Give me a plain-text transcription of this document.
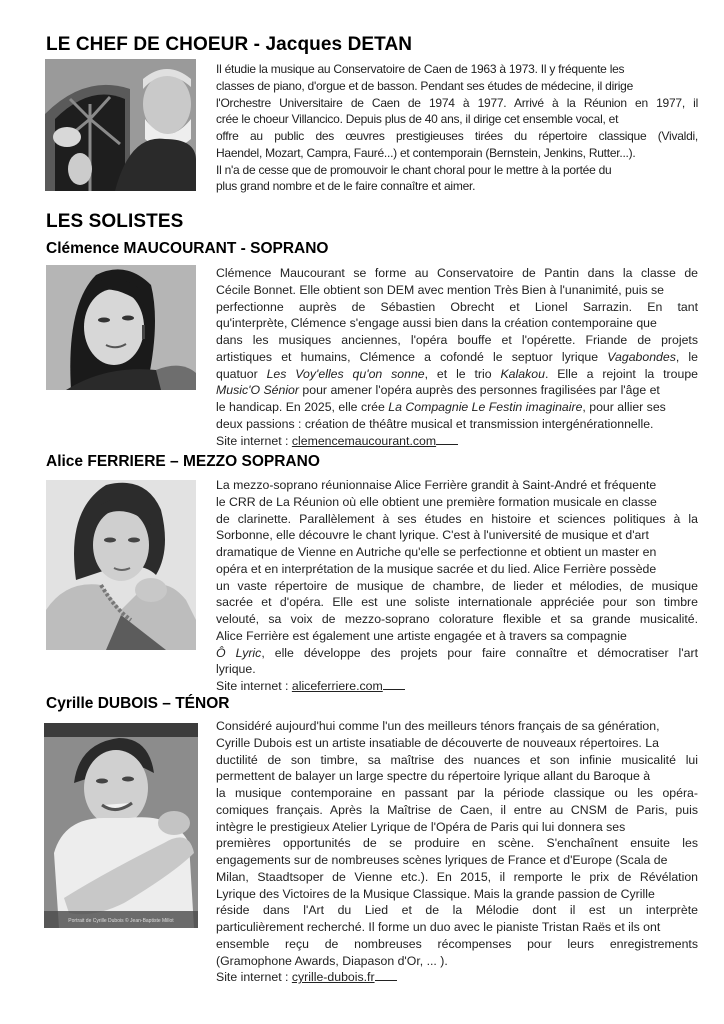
LE CHEF DE CHOEUR - Jacques DETAN
Il étudie la musique au Conservatoire de Caen de 1963 à 1973. Il y fréquente les
classes de piano, d'orgue et de basson. Pendant ses études de médecine, il dirige
l'Orchestre Universitaire de Caen de 1974 à 1977. Arrivé à la Réunion en 1977, il
crée le choeur Villancico. Depuis plus de 40 ans, il dirige cet ensemble vocal, et
offre au public des œuvres prestigieuses tirées du répertoire classique (Vivaldi,
Haendel, Mozart, Campra, Fauré...) et contemporain (Bernstein, Jenkins, Rutter...).
Il n'a de cesse que de promouvoir le chant choral pour le mettre à la portée du
plus grand nombre et de le faire connaître et aimer.
LES SOLISTES
Clémence MAUCOURANT - SOPRANO
Clémence Maucourant se forme au Conservatoire de Pantin dans la classe de
Cécile Bonnet. Elle obtient son DEM avec mention Très Bien à l'unanimité, puis se
perfectionne auprès de Sébastien Obrecht et Lionel Sarrazin. En tant
qu'interprète, Clémence s'engage aussi bien dans la création contemporaine que
dans les musiques anciennes, l'opéra bouffe et l'opérette. Friande de projets
artistiques et humains, Clémence a cofondé le septuor lyrique Vagabondes, le
quatuor Les Voy'elles qu'on sonne, et le trio Kalakou. Elle a rejoint la troupe
Music'O Sénior pour amener l'opéra auprès des personnes fragilisées par l'âge et
le handicap. En 2025, elle crée La Compagnie Le Festin imaginaire, pour allier ses
deux passions : création de théâtre musical et transmission intergénérationnelle.
Site internet : clemencemaucourant.com
Alice FERRIERE – MEZZO SOPRANO
La mezzo-soprano réunionnaise Alice Ferrière grandit à Saint-André et fréquente
le CRR de La Réunion où elle obtient une première formation musicale en classe
de clarinette. Parallèlement à ses études en histoire et sciences politiques à la
Sorbonne, elle découvre le chant lyrique. C'est à l'université de musique et d'art
dramatique de Vienne en Autriche qu'elle se perfectionne et obtient un master en
opéra et en interprétation de la musique sacrée et du lied. Alice Ferrière possède
un vaste répertoire de musique de chambre, de lieder et mélodies, de musique
sacrée et d'opéra. Elle est une soliste internationale appréciée pour son timbre
velouté, sa voix de mezzo-soprano colorature flexible et sa grande musicalité.
Alice Ferrière est également une artiste engagée et à travers sa compagnie
Ô Lyric, elle développe des projets pour faire connaître et démocratiser l'art
lyrique.
Site internet : aliceferriere.com
Cyrille DUBOIS – TÉNOR
Portrait de Cyrille Dubois © Jean-Baptiste Millot
Considéré aujourd'hui comme l'un des meilleurs ténors français de sa génération,
Cyrille Dubois est un artiste insatiable de découverte de nouveaux répertoires. La
ductilité de son timbre, sa maîtrise des nuances et son infinie musicalité lui
permettent de balayer un large spectre du répertoire lyrique allant du Baroque à
la musique contemporaine en passant par la période classique ou les opéra-
comiques français. Après la Maîtrise de Caen, il entre au CNSM de Paris, puis
intègre le prestigieux Atelier Lyrique de l'Opéra de Paris qui lui donnera ses
premières opportunités de se produire en scène. S'enchaînent ensuite les
engagements sur de nombreuses scènes lyriques de France et d'Europe (Scala de
Milan, Staadtsoper de Vienne etc.). En 2015, il remporte le prix de Révélation
Lyrique des Victoires de la Musique Classique. Mais la grande passion de Cyrille
réside dans l'Art du Lied et de la Mélodie dont il est un interprète
particulièrement recherché. Il forme un duo avec le pianiste Tristan Raës et ils ont
ensemble reçu de nombreuses récompenses pour leurs enregistrements
(Gramophone Awards, Diapason d'Or, ... ).
Site internet : cyrille-dubois.fr
